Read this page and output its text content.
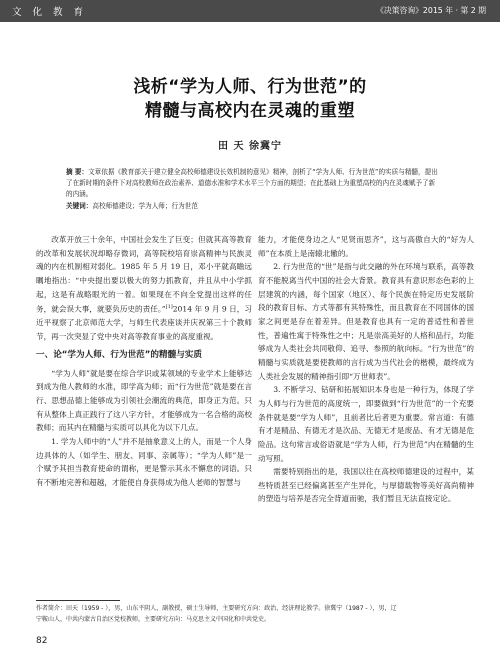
文 化 教 育	《决策咨询》2015 年 · 第 2 期
浅析“学为人师、行为世范”的
精髓与高校内在灵魂的重塑
田 天 徐冀宁

摘 要：文章依据《教育部关于建立健全高校师德建设长效机制的意见》精神，剖析了“学为人师、行为世范”的实质与精髓，提出了在新时期的条件下对高校教师在政治素养、道德水准和学术水平三个方面的期望；在此基础上为重塑高校的内在灵魂赋予了新的内涵。

关键词：高校师德建设；学为人师；行为世范

改革开放三十余年，中国社会发生了巨变；但就其高等教育的改革和发展状况却略存微词，高等院校培育崇高精神与民族灵魂的内在机制相对弱化。1985 年 5 月 19 日，邓小平就高瞻远瞩地指出：“中央提出要以极大的努力抓教育，并且从中小学抓起，这是有战略眼光的一着。如果现在不向全党提出这样的任务，就会误大事，就要负历史的责任。”[1]2014 年 9 月 9 日，习近平视察了北京师范大学，与师生代表座谈并庆祝第三十个教师节，再一次突显了党中央对高等教育事业的高度重视。

一、论“学为人师、行为世范”的精髓与实质

“学为人师”就是要在综合学识或某领域的专业学术上能够达到成为他人教师的水准，即学高为师；而“行为世范”就是要在言行、思想品德上能够成为引领社会潮流的典范，即身正为范。只有从整体上真正践行了这八字方针，才能够成为一名合格的高校教师；而其内在精髓与实质可以具化为以下几点。

1. 学为人师中的“人”并不是抽象意义上的人，而是一个人身边具体的人（如学生、朋友、同事、亲属等）；“学为人师”是一个赋予其担当教育使命的谓称，更是警示其永不懈怠的词语。只有不断地完善和超越，才能使自身获得成为他人老师的智慧与

能力，才能使身边之人“见贤而思齐”，这与高傲自大的“好为人师”在本质上是南辕北辙的。

2. 行为世范的“世”是指与此交融的外在环境与联系，高等教育不能脱离当代中国的社会大背景。教育具有意识形态色彩的上层建筑的内涵，每个国家（地区）、每个民族在特定历史发展阶段的教育目标、方式等都有其特殊性，而且教育在不同国体的国家之间更是存在着差异。但是教育也具有一定的普适性和普世性，普遍性寓于特殊性之中；凡是崇高美好的人格和品行，均能够成为人类社会共同敬仰、追寻、参照的航向标。“行为世范”的精髓与实质就是要使教师的言行成为当代社会的楷模，最终成为人类社会发展的精神指引即“万世师表”。

3. 不断学习、钻研和拓展知识本身也是一种行为，体现了学为人师与行为世范的高度统一，即要做到“行为世范”的一个充要条件就是要“学为人师”，且前者比后者更为重要。常言道：有德有才是精品、有德无才是次品、无德无才是废品、有才无德是危险品。这句常言或俗语就是“学为人师，行为世范”内在精髓的生动写照。

需要特别指出的是，我国以往在高校师德建设的过程中，某些特质甚至已经偏离甚至产生异化，与厚德载物等美好高尚精神的塑造与培养是否完全背道而驰，我们暂且无法直接定论。

作者简介：田天（1959 - ），男，山东平阴人，副教授，硕士生导师，主要研究方向：政治、经济理论教学。徐冀宁（1987 - ），男，辽

宁鞍山人，中共内蒙古自治区党校教师，主要研究方向：马克思主义中国化和中共党史。

82
